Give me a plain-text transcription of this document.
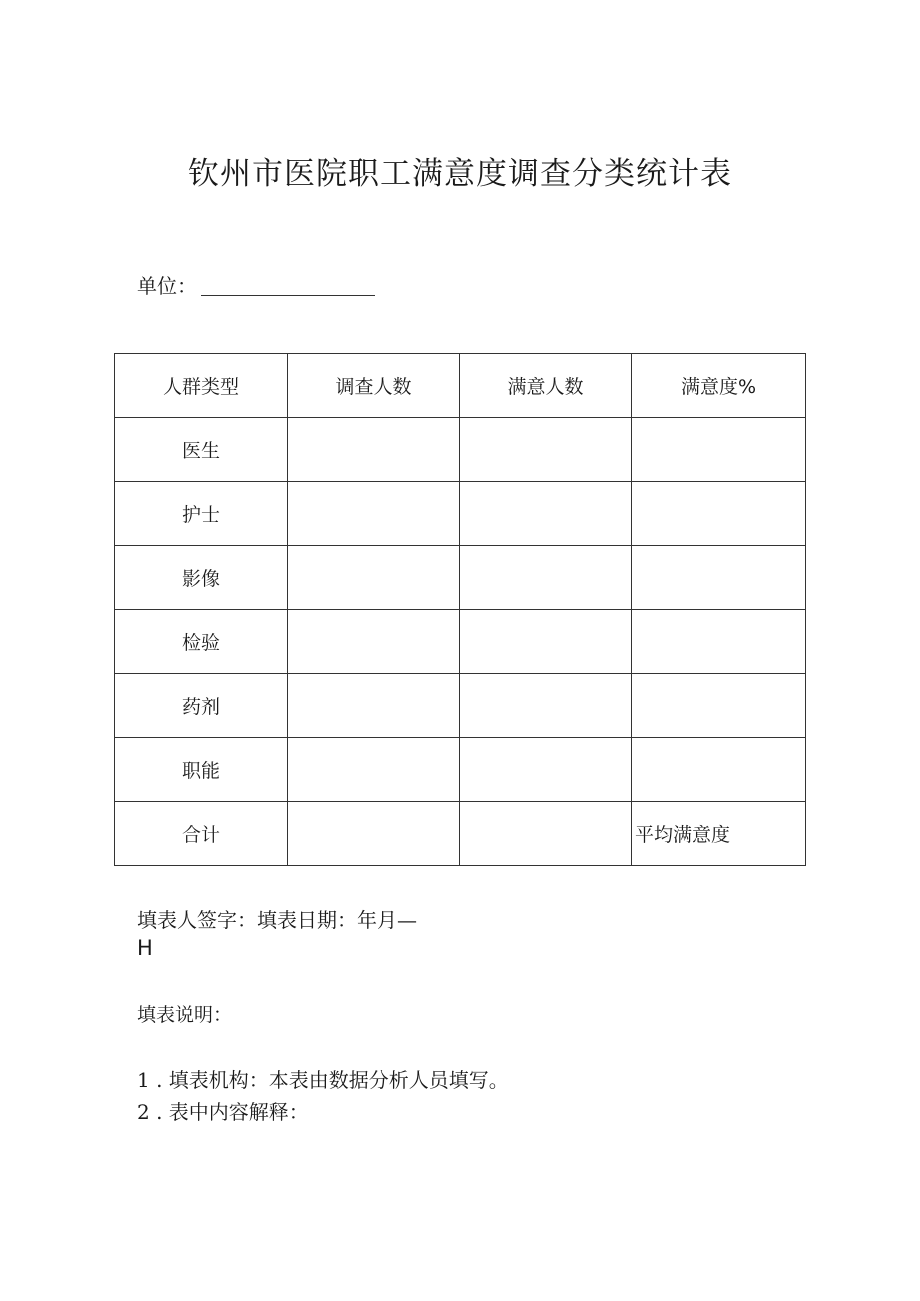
钦州市医院职工满意度调查分类统计表
单位：
人群类型	调查人数	满意人数	满意度%
医生			
护士			
影像			
检验			
药剂			
职能			
合计			平均满意度
填表人签字：填表日期：年月—
H
填表说明：
1 . 填表机构：本表由数据分析人员填写。
2 . 表中内容解释：
